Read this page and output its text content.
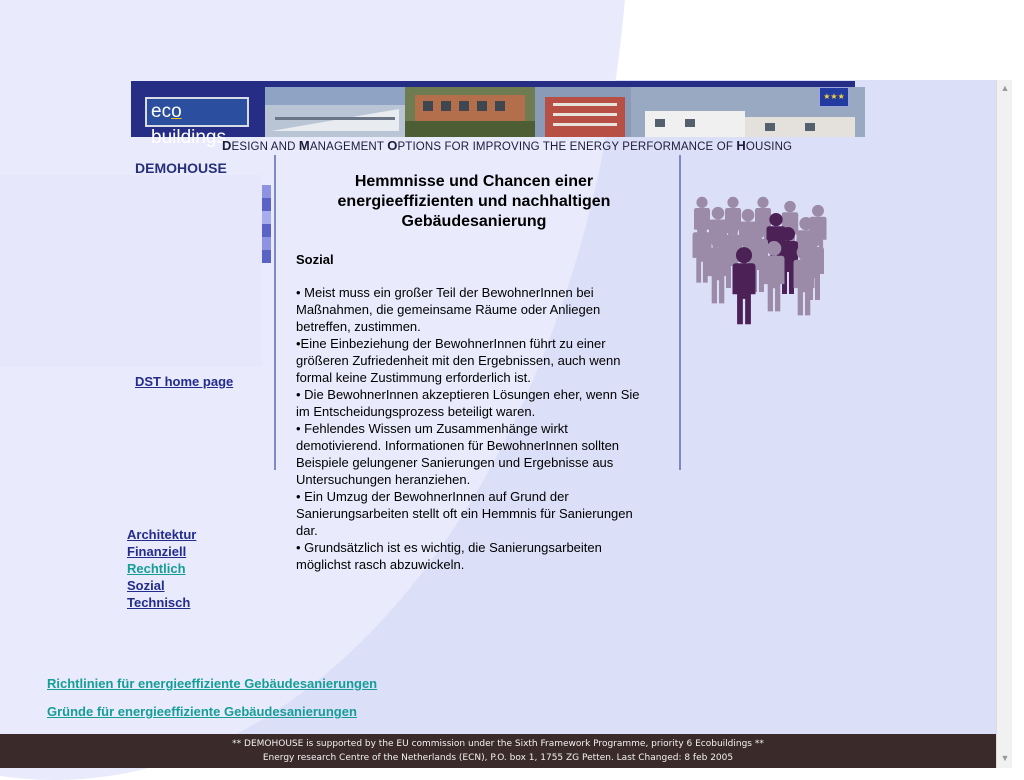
eco buildings
★★★
DESIGN AND MANAGEMENT OPTIONS FOR IMPROVING THE ENERGY PERFORMANCE OF HOUSING
DEMOHOUSE
DST home page
Architektur
Finanziell
Rechtlich
Sozial
Technisch
Hemmnisse und Chancen einer energieeffizienten und nachhaltigen Gebäudesanierung
Sozial
• Meist muss ein großer Teil der BewohnerInnen bei Maßnahmen, die gemeinsame Räume oder Anliegen betreffen, zustimmen.
•Eine Einbeziehung der BewohnerInnen führt zu einer größeren Zufriedenheit mit den Ergebnissen, auch wenn formal keine Zustimmung erforderlich ist.
• Die BewohnerInnen akzeptieren Lösungen eher, wenn Sie im Entscheidungsprozess beteiligt waren.
• Fehlendes Wissen um Zusammenhänge wirkt demotivierend. Informationen für BewohnerInnen sollten Beispiele gelungener Sanierungen und Ergebnisse aus Untersuchungen heranziehen.
• Ein Umzug der BewohnerInnen auf Grund der Sanierungsarbeiten stellt oft ein Hemmnis für Sanierungen dar.
• Grundsätzlich ist es wichtig, die Sanierungsarbeiten möglichst rasch abzuwickeln.
Richtlinien für energieeffiziente Gebäudesanierungen
Gründe für energieeffiziente Gebäudesanierungen
** DEMOHOUSE is supported by the EU commission under the Sixth Framework Programme, priority 6 Ecobuildings **
Energy research Centre of the Netherlands (ECN), P.O. box 1, 1755 ZG Petten. Last Changed: 8 feb 2005
▲
▼
